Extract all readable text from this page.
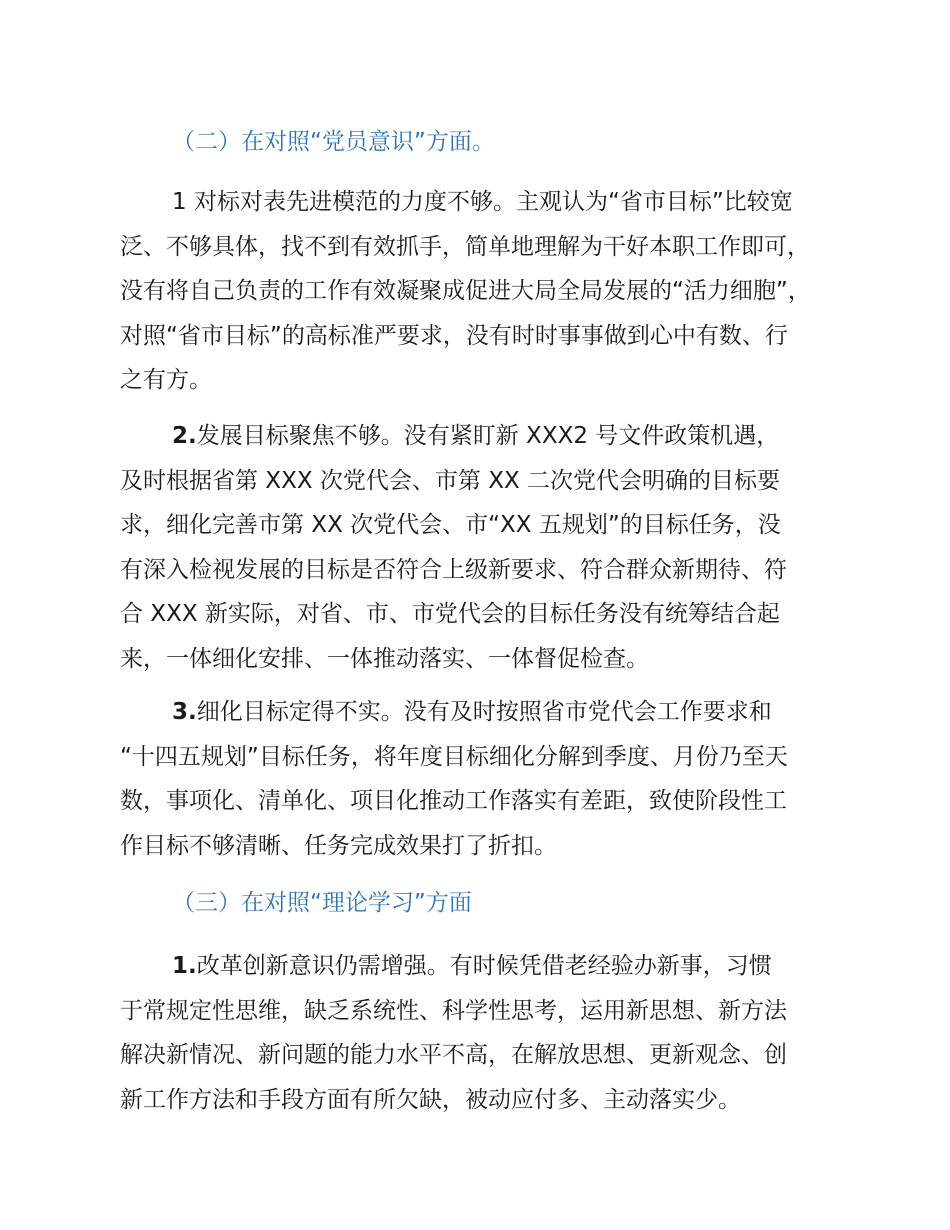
（二）在对照“党员意识”方面。
1 对标对表先进模范的力度不够。主观认为“省市目标”比较宽
泛、不够具体，找不到有效抓手，简单地理解为干好本职工作即可，
没有将自己负责的工作有效凝聚成促进大局全局发展的“活力细胞”，
对照“省市目标”的高标准严要求，没有时时事事做到心中有数、行
之有方。
2.发展目标聚焦不够。没有紧盯新 XXX2 号文件政策机遇，
及时根据省第 XXX 次党代会、市第 XX 二次党代会明确的目标要
求，细化完善市第 XX 次党代会、市“XX 五规划”的目标任务，没
有深入检视发展的目标是否符合上级新要求、符合群众新期待、符
合 XXX 新实际，对省、市、市党代会的目标任务没有统筹结合起
来，一体细化安排、一体推动落实、一体督促检查。
3.细化目标定得不实。没有及时按照省市党代会工作要求和
“十四五规划”目标任务，将年度目标细化分解到季度、月份乃至天
数，事项化、清单化、项目化推动工作落实有差距，致使阶段性工
作目标不够清晰、任务完成效果打了折扣。
（三）在对照“理论学习”方面
1.改革创新意识仍需增强。有时候凭借老经验办新事，习惯
于常规定性思维，缺乏系统性、科学性思考，运用新思想、新方法
解决新情况、新问题的能力水平不高，在解放思想、更新观念、创
新工作方法和手段方面有所欠缺，被动应付多、主动落实少。
